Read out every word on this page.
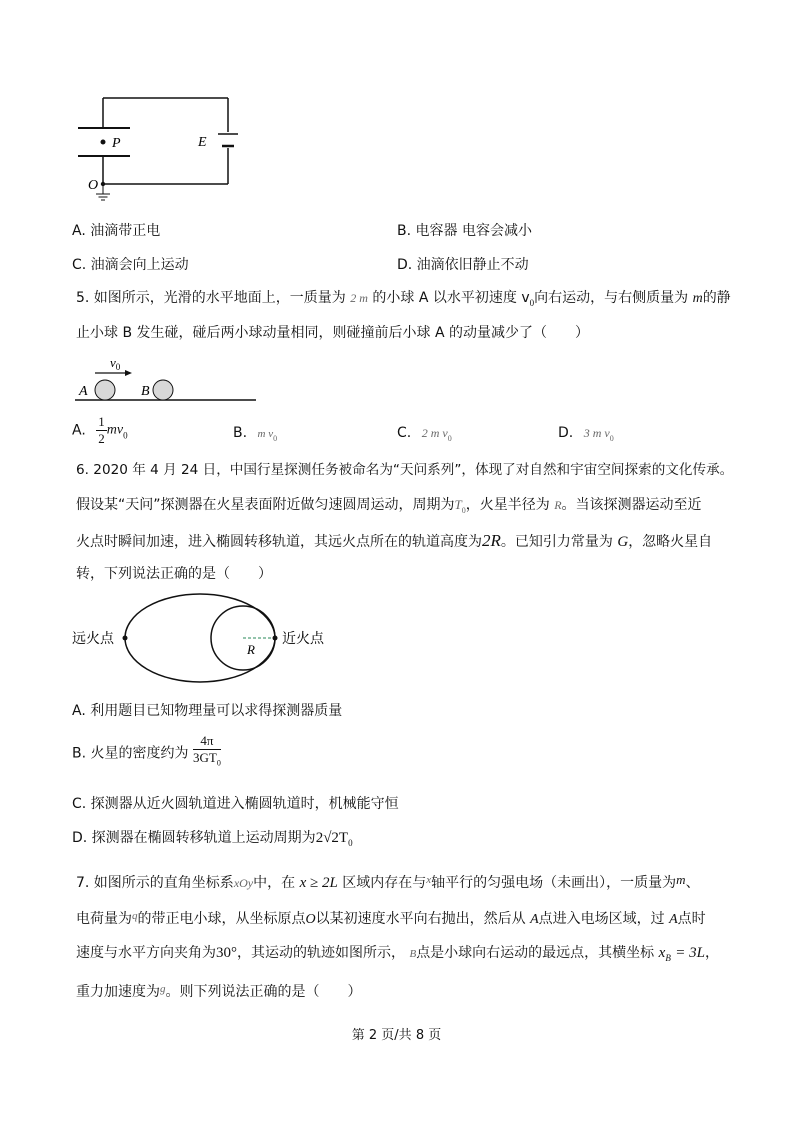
P	E
O
A. 油滴带正电	B. 电容器 电容会减小
C. 油滴会向上运动	D. 油滴依旧静止不动
5. 如图所示，光滑的水平地面上，一质量为 2 m 的小球 A 以水平初速度 $v_0$向右运动，与右侧质量为 m的静
止小球 B 发生碰，碰后两小球动量相同，则碰撞前后小球 A 的动量减少了（　　）
$v_0$
A	B
A. $\frac{1}{2} mv_0$	B. m $v_0$	C. 2 m $v_0$	D. 3 m $v_0$
6. 2020 年 4 月 24 日，中国行星探测任务被命名为“天问系列”，体现了对自然和宇宙空间探索的文化传承。
假设某“天问”探测器在火星表面附近做匀速圆周运动，周期为$T_0$，火星半径为 R。当该探测器运动至近
火点时瞬间加速，进入椭圆转移轨道，其远火点所在的轨道高度为2R。已知引力常量为 G，忽略火星自
转，下列说法正确的是（　　）
远火点	近火点
R
A. 利用题目已知物理量可以求得探测器质量
B. 火星的密度约为 $\frac{4\pi}{3GT_0}$
C. 探测器从近火圆轨道进入椭圆轨道时，机械能守恒
D. 探测器在椭圆转移轨道上运动周期为$2√2T_0$
7. 如图所示的直角坐标系xOy中，在 x ≥ 2L 区域内存在与$^x$轴平行的匀强电场（未画出），一质量为m、
电荷量为$^q$的带正电小球，从坐标原点O以某初速度水平向右抛出，然后从 A点进入电场区域，过 A点时
速度与水平方向夹角为30°，其运动的轨迹如图所示， B点是小球向右运动的最远点，其横坐标 $x_B = 3L$，
重力加速度为$^g$。则下列说法正确的是（　　）
第 2 页/共 8 页
